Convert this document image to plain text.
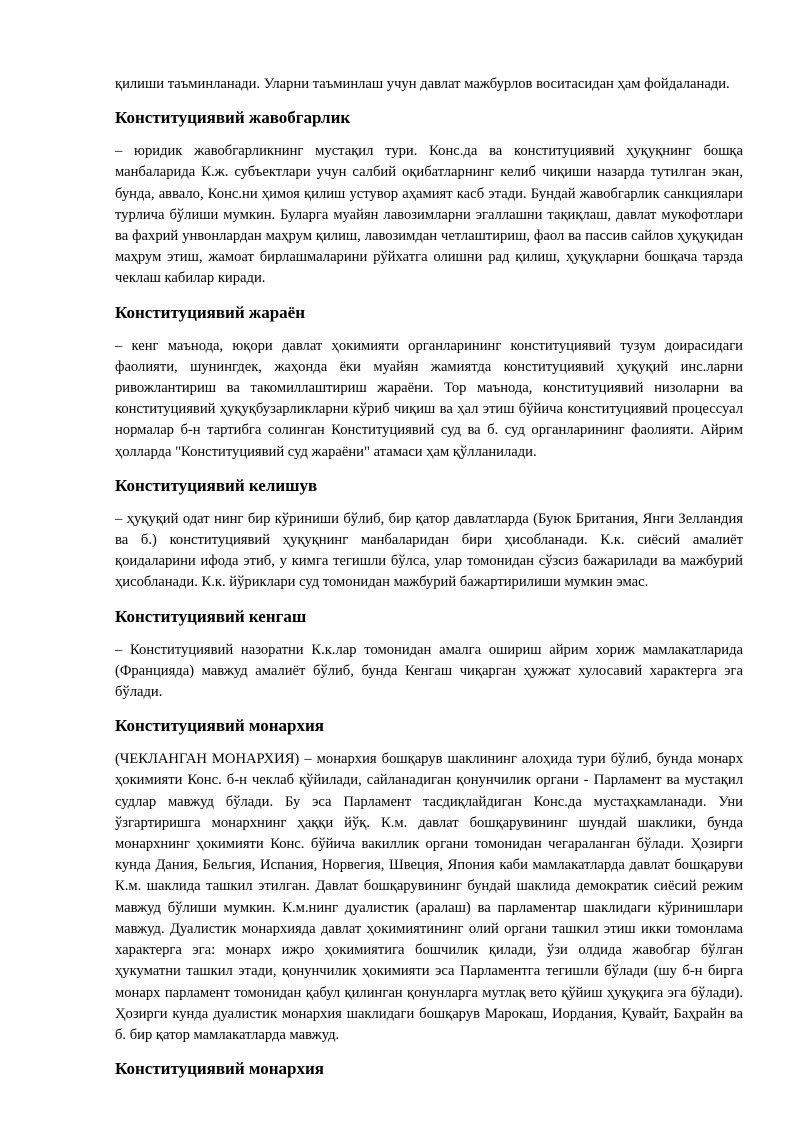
қилиши таъминланади. Уларни таъминлаш учун давлат мажбурлов воситасидан ҳам фойдаланади.

Конституциявий жавобгарлик

– юридик жавобгарликнинг мустақил тури. Конс.да ва конституциявий ҳуқуқнинг бошқа манбаларида К.ж. субъектлари учун салбий оқибатларнинг келиб чиқиши назарда тутилган экан, бунда, аввало, Конс.ни ҳимоя қилиш устувор аҳамият касб этади. Бундай жавобгарлик санкциялари турлича бўлиши мумкин. Буларга муайян лавозимларни эгаллашни тақиқлаш, давлат мукофотлари ва фахрий унвонлардан маҳрум қилиш, лавозимдан четлаштириш, фаол ва пассив сайлов ҳуқуқидан маҳрум этиш, жамоат бирлашмаларини рўйхатга олишни рад қилиш, ҳуқуқларни бошқача тарзда чеклаш кабилар киради.

Конституциявий жараён

– кенг маънода, юқори давлат ҳокимияти органларининг конституциявий тузум доирасидаги фаолияти, шунингдек, жаҳонда ёки муайян жамиятда конституциявий ҳуқуқий инс.ларни ривожлантириш ва такомиллаштириш жараёни. Тор маънода, конституциявий низоларни ва конституциявий ҳуқуқбузарликларни кўриб чиқиш ва ҳал этиш бўйича конституциявий процессуал нормалар б-н тартибга солинган Конституциявий суд ва б. суд органларининг фаолияти. Айрим ҳолларда "Конституциявий суд жараёни" атамаси ҳам қўлланилади.

Конституциявий келишув

– ҳуқуқий одат нинг бир кўриниши бўлиб, бир қатор давлатларда (Буюк Британия, Янги Зелландия ва б.) конституциявий ҳуқуқнинг манбаларидан бири ҳисобланади. К.к. сиёсий амалиёт қоидаларини ифода этиб, у кимга тегишли бўлса, улар томонидан сўзсиз бажарилади ва мажбурий ҳисобланади. К.к. йўриклари суд томонидан мажбурий бажартирилиши мумкин эмас.

Конституциявий кенгаш

– Конституциявий назоратни К.к.лар томонидан амалга ошириш айрим хориж мамлакатларида (Францияда) мавжуд амалиёт бўлиб, бунда Кенгаш чиқарган ҳужжат хулосавий характерга эга бўлади.

Конституциявий монархия

(ЧЕКЛАНГАН МОНАРХИЯ) – монархия бошқарув шаклининг алоҳида тури бўлиб, бунда монарх ҳокимияти Конс. б-н чеклаб қўйилади, сайланадиган қонунчилик органи - Парламент ва мустақил судлар мавжуд бўлади. Бу эса Парламент тасдиқлайдиган Конс.да мустаҳкамланади. Уни ўзгартиришга монархнинг ҳаққи йўқ. К.м. давлат бошқарувининг шундай шаклики, бунда монархнинг ҳокимияти Конс. бўйича вакиллик органи томонидан чегараланган бўлади. Ҳозирги кунда Дания, Бельгия, Испания, Норвегия, Швеция, Япония каби мамлакатларда давлат бошқаруви К.м. шаклида ташкил этилган. Давлат бошқарувининг бундай шаклида демократик сиёсий режим мавжуд бўлиши мумкин. К.м.нинг дуалистик (аралаш) ва парламентар шаклидаги кўринишлари мавжуд. Дуалистик монархияда давлат ҳокимиятининг олий органи ташкил этиш икки томонлама характерга эга: монарх ижро ҳокимиятига бошчилик қилади, ўзи олдида жавобгар бўлган ҳукуматни ташкил этади, қонунчилик ҳокимияти эса Парламентга тегишли бўлади (шу б-н бирга монарх парламент томонидан қабул қилинган қонунларга мутлақ вето қўйиш ҳуқуқига эга бўлади). Ҳозирги кунда дуалистик монархия шаклидаги бошқарув Марокаш, Иордания, Қувайт, Баҳрайн ва б. бир қатор мамлакатларда мавжуд.

Конституциявий монархия
